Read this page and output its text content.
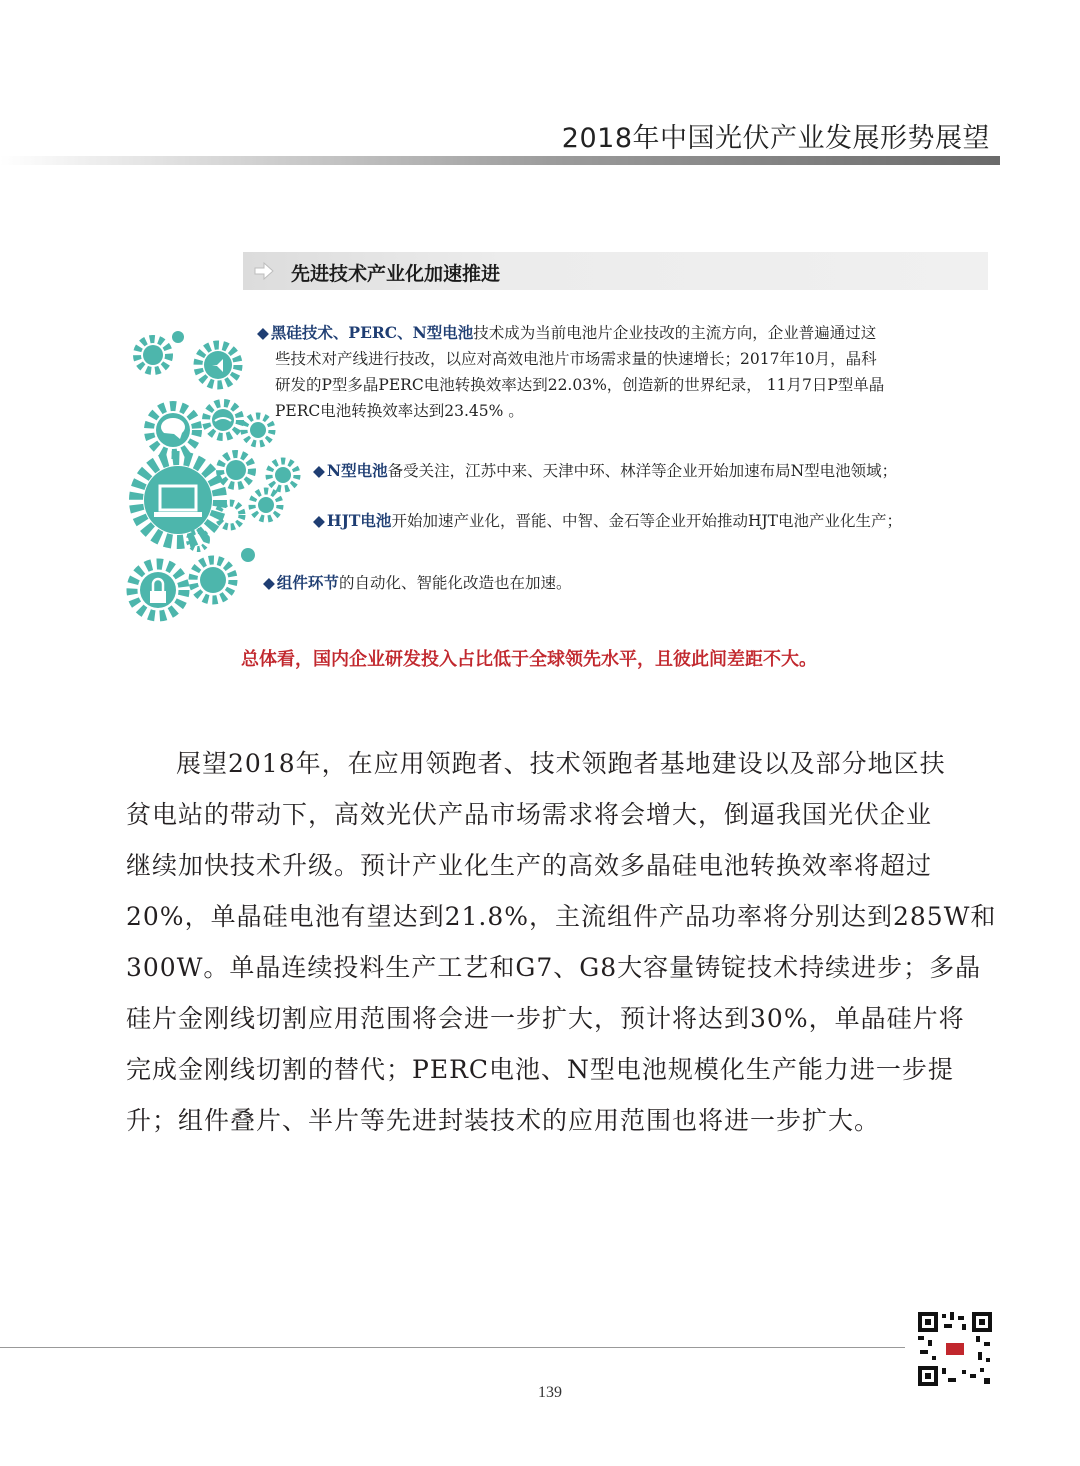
2018年中国光伏产业发展形势展望
先进技术产业化加速推进
◆ 黑硅技术、PERC、N型电池技术成为当前电池片企业技改的主流方向，企业普遍通过这
些技术对产线进行技改，以应对高效电池片市场需求量的快速增长；2017年10月，晶科
研发的P型多晶PERC电池转换效率达到22.03%，创造新的世界纪录， 11月7日P型单晶
PERC电池转换效率达到23.45% 。
◆ N型电池备受关注，江苏中来、天津中环、林洋等企业开始加速布局N型电池领域；
◆ HJT电池开始加速产业化，晋能、中智、金石等企业开始推动HJT电池产业化生产；
◆ 组件环节的自动化、智能化改造也在加速。
总体看，国内企业研发投入占比低于全球领先水平，且彼此间差距不大。
展望2018年，在应用领跑者、技术领跑者基地建设以及部分地区扶
贫电站的带动下，高效光伏产品市场需求将会增大，倒逼我国光伏企业
继续加快技术升级。预计产业化生产的高效多晶硅电池转换效率将超过
20%，单晶硅电池有望达到21.8%，主流组件产品功率将分别达到285W和
300W。单晶连续投料生产工艺和G7、G8大容量铸锭技术持续进步；多晶
硅片金刚线切割应用范围将会进一步扩大，预计将达到30%，单晶硅片将
完成金刚线切割的替代；PERC电池、N型电池规模化生产能力进一步提
升；组件叠片、半片等先进封装技术的应用范围也将进一步扩大。
139
